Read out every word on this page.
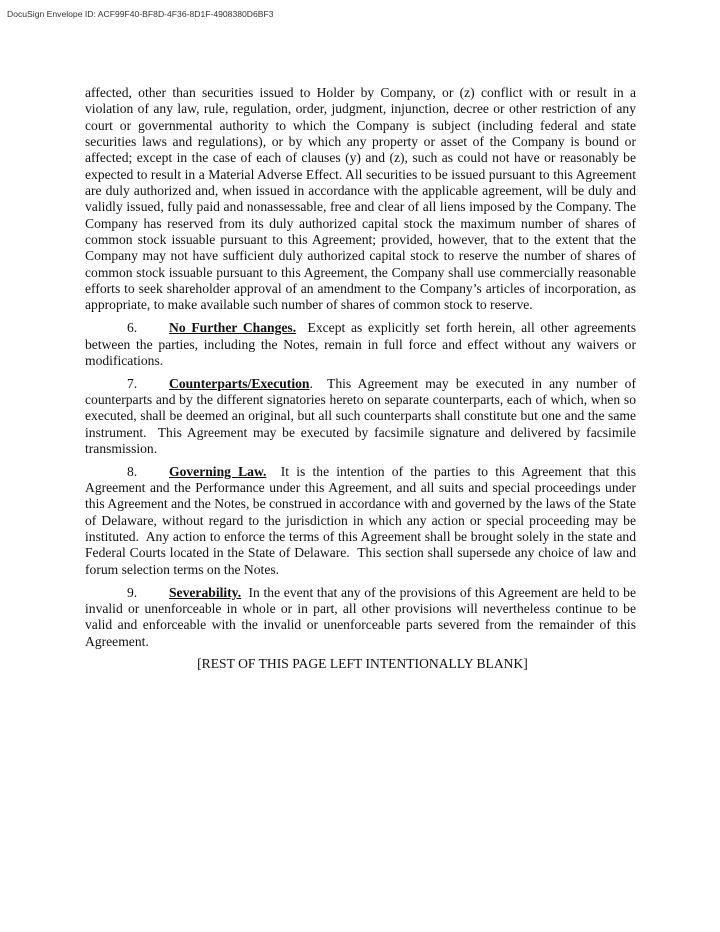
DocuSign Envelope ID: ACF99F40-BF8D-4F36-8D1F-4908380D6BF3

affected, other than securities issued to Holder by Company, or (z) conflict with or result in a violation of any law, rule, regulation, order, judgment, injunction, decree or other restriction of any court or governmental authority to which the Company is subject (including federal and state securities laws and regulations), or by which any property or asset of the Company is bound or affected; except in the case of each of clauses (y) and (z), such as could not have or reasonably be expected to result in a Material Adverse Effect. All securities to be issued pursuant to this Agreement are duly authorized and, when issued in accordance with the applicable agreement, will be duly and validly issued, fully paid and nonassessable, free and clear of all liens imposed by the Company. The Company has reserved from its duly authorized capital stock the maximum number of shares of common stock issuable pursuant to this Agreement; provided, however, that to the extent that the Company may not have sufficient duly authorized capital stock to reserve the number of shares of common stock issuable pursuant to this Agreement, the Company shall use commercially reasonable efforts to seek shareholder approval of an amendment to the Company’s articles of incorporation, as appropriate, to make available such number of shares of common stock to reserve.

6. No Further Changes.  Except as explicitly set forth herein, all other agreements between the parties, including the Notes, remain in full force and effect without any waivers or modifications.

7. Counterparts/Execution.  This Agreement may be executed in any number of counterparts and by the different signatories hereto on separate counterparts, each of which, when so executed, shall be deemed an original, but all such counterparts shall constitute but one and the same instrument.  This Agreement may be executed by facsimile signature and delivered by facsimile transmission.

8. Governing Law.  It is the intention of the parties to this Agreement that this Agreement and the Performance under this Agreement, and all suits and special proceedings under this Agreement and the Notes, be construed in accordance with and governed by the laws of the State of Delaware, without regard to the jurisdiction in which any action or special proceeding may be instituted.  Any action to enforce the terms of this Agreement shall be brought solely in the state and Federal Courts located in the State of Delaware.  This section shall supersede any choice of law and forum selection terms on the Notes.

9. Severability.  In the event that any of the provisions of this Agreement are held to be invalid or unenforceable in whole or in part, all other provisions will nevertheless continue to be valid and enforceable with the invalid or unenforceable parts severed from the remainder of this Agreement.

[REST OF THIS PAGE LEFT INTENTIONALLY BLANK]
